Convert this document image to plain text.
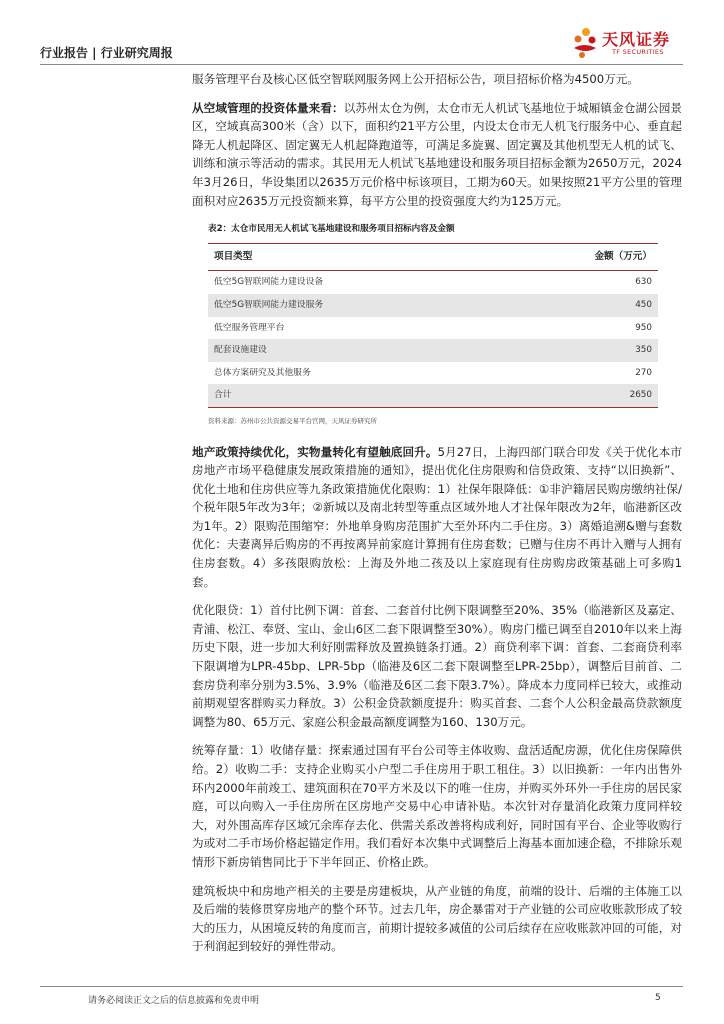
行业报告 | 行业研究周报
天风证券
TF SECURITIES

服务管理平台及核心区低空智联网服务网上公开招标公告，项目招标价格为4500万元。

从空域管理的投资体量来看：以苏州太仓为例，太仓市无人机试飞基地位于城厢镇金仓湖公园景区，空域真高300米（含）以下，面积约21平方公里，内设太仓市无人机飞行服务中心、垂直起降无人机起降区、固定翼无人机起降跑道等，可满足多旋翼、固定翼及其他机型无人机的试飞、训练和演示等活动的需求。其民用无人机试飞基地建设和服务项目招标金额为2650万元，2024年3月26日，华设集团以2635万元价格中标该项目，工期为60天。如果按照21平方公里的管理面积对应2635万元投资额来算，每平方公里的投资强度大约为125万元。

表2：太仓市民用无人机试飞基地建设和服务项目招标内容及金额
项目类型	金额（万元）
低空5G智联网能力建设设备	630
低空5G智联网能力建设服务	450
低空服务管理平台	950
配套设施建设	350
总体方案研究及其他服务	270
合计	2650
资料来源：苏州市公共资源交易平台官网，天风证券研究所

地产政策持续优化，实物量转化有望触底回升。5月27日，上海四部门联合印发《关于优化本市房地产市场平稳健康发展政策措施的通知》，提出优化住房限购和信贷政策、支持“以旧换新”、优化土地和住房供应等九条政策措施优化限购：1）社保年限降低：①非沪籍居民购房缴纳社保/个税年限5年改为3年；②新城以及南北转型等重点区域外地人才社保年限改为2年，临港新区改为1年。2）限购范围缩窄：外地单身购房范围扩大至外环内二手住房。3）离婚追溯&赠与套数优化：夫妻离异后购房的不再按离异前家庭计算拥有住房套数；已赠与住房不再计入赠与人拥有住房套数。4）多孩限购放松：上海及外地二孩及以上家庭现有住房购房政策基础上可多购1套。

优化限贷：1）首付比例下调：首套、二套首付比例下限调整至20%、35%（临港新区及嘉定、青浦、松江、奉贤、宝山、金山6区二套下限调整至30%）。购房门槛已调至自2010年以来上海历史下限，进一步加大利好刚需释放及置换链条打通。2）商贷利率下调：首套、二套商贷利率下限调增为LPR-45bp、LPR-5bp（临港及6区二套下限调整至LPR-25bp），调整后目前首、二套房贷利率分别为3.5%、3.9%（临港及6区二套下限3.7%）。降成本力度同样已较大，或推动前期观望客群购买力释放。3）公积金贷款额度提升：购买首套、二套个人公积金最高贷款额度调整为80、65万元、家庭公积金最高额度调整为160、130万元。

统筹存量：1）收储存量：探索通过国有平台公司等主体收购、盘活适配房源，优化住房保障供给。2）收购二手：支持企业购买小户型二手住房用于职工租住。3）以旧换新：一年内出售外环内2000年前竣工、建筑面积在70平方米及以下的唯一住房，并购买外环外一手住房的居民家庭，可以向购入一手住房所在区房地产交易中心申请补贴。本次针对存量消化政策力度同样较大，对外围高库存区域冗余库存去化、供需关系改善将构成利好，同时国有平台、企业等收购行为或对二手市场价格起锚定作用。我们看好本次集中式调整后上海基本面加速企稳，不排除乐观情形下新房销售同比于下半年回正、价格止跌。

建筑板块中和房地产相关的主要是房建板块，从产业链的角度，前端的设计、后端的主体施工以及后端的装修贯穿房地产的整个环节。过去几年，房企暴雷对于产业链的公司应收账款形成了较大的压力，从困境反转的角度而言，前期计提较多减值的公司后续存在应收账款冲回的可能，对于利润起到较好的弹性带动。

请务必阅读正文之后的信息披露和免责申明	5
